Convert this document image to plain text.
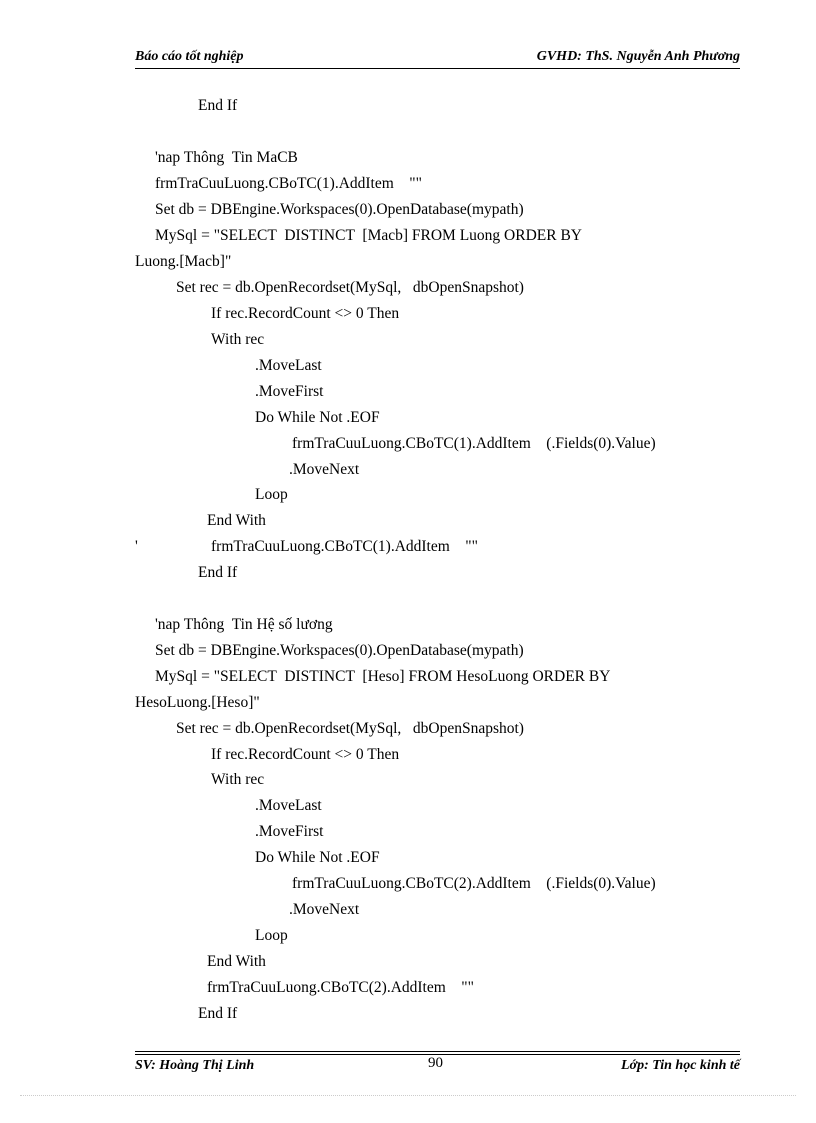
Báo cáo tốt nghiệp	GVHD: ThS. Nguyễn Anh Phương
End If
'nap Thông  Tin MaCB
frmTraCuuLuong.CBoTC(1).AddItem    ""
Set db = DBEngine.Workspaces(0).OpenDatabase(mypath)
MySql = "SELECT  DISTINCT  [Macb] FROM Luong ORDER BY
Luong.[Macb]"
Set rec = db.OpenRecordset(MySql,   dbOpenSnapshot)
If rec.RecordCount <> 0 Then
With rec
.MoveLast
.MoveFirst
Do While Not .EOF
frmTraCuuLuong.CBoTC(1).AddItem    (.Fields(0).Value)
.MoveNext
Loop
End With
'	frmTraCuuLuong.CBoTC(1).AddItem    ""
End If
'nap Thông  Tin Hệ số lương
Set db = DBEngine.Workspaces(0).OpenDatabase(mypath)
MySql = "SELECT  DISTINCT  [Heso] FROM HesoLuong ORDER BY
HesoLuong.[Heso]"
Set rec = db.OpenRecordset(MySql,   dbOpenSnapshot)
If rec.RecordCount <> 0 Then
With rec
.MoveLast
.MoveFirst
Do While Not .EOF
frmTraCuuLuong.CBoTC(2).AddItem    (.Fields(0).Value)
.MoveNext
Loop
End With
frmTraCuuLuong.CBoTC(2).AddItem    ""
End If
SV: Hoàng Thị Linh	90	Lớp: Tin học kinh tế
